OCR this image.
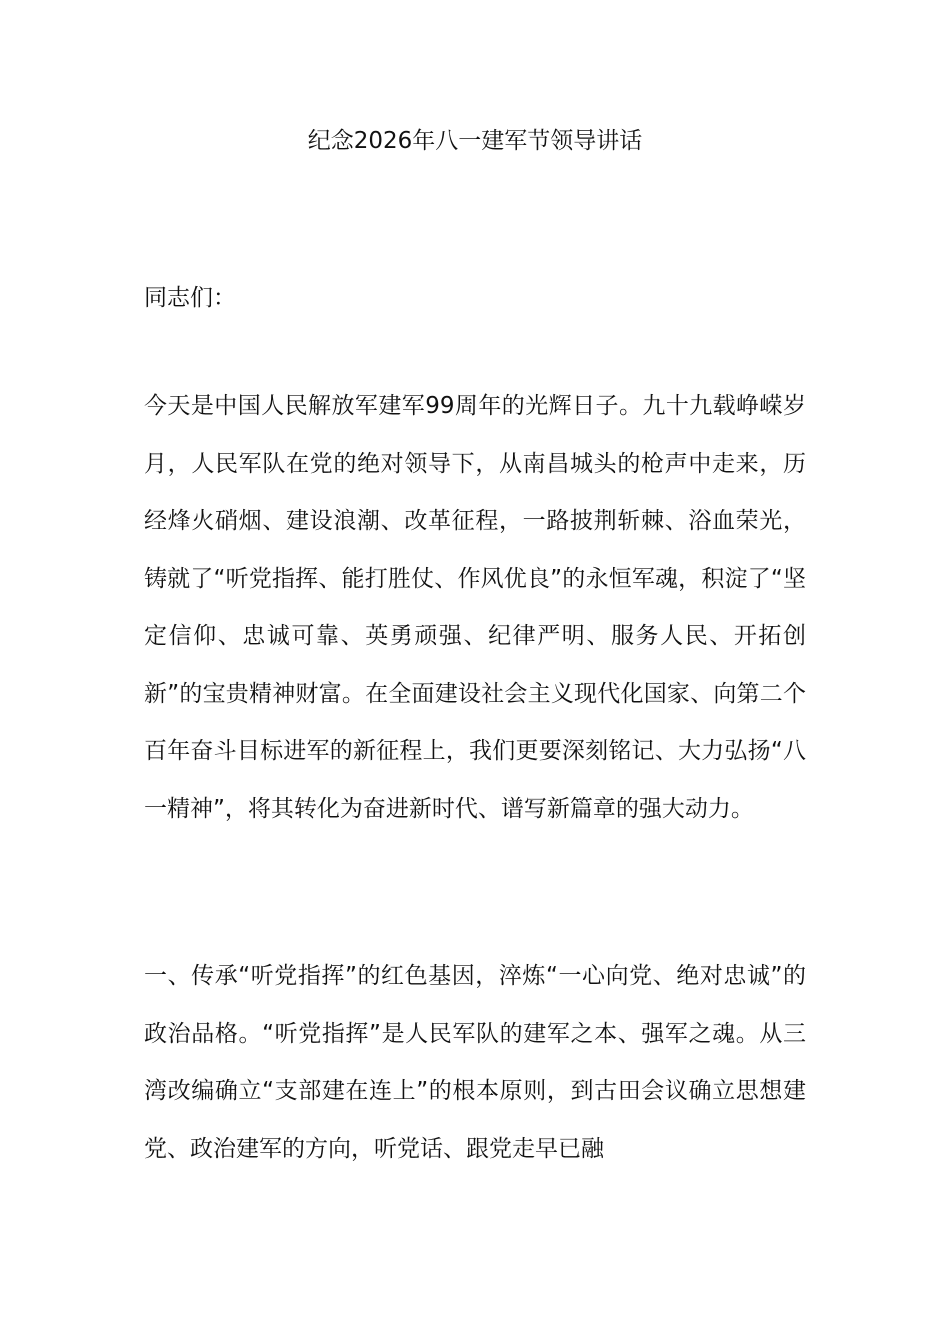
纪念2026年八一建军节领导讲话
同志们：
今天是中国人民解放军建军99周年的光辉日子。九十九载峥嵘岁月，人民军队在党的绝对领导下，从南昌城头的枪声中走来，历经烽火硝烟、建设浪潮、改革征程，一路披荆斩棘、浴血荣光，铸就了“听党指挥、能打胜仗、作风优良”的永恒军魂，积淀了“坚定信仰、忠诚可靠、英勇顽强、纪律严明、服务人民、开拓创新”的宝贵精神财富。在全面建设社会主义现代化国家、向第二个百年奋斗目标进军的新征程上，我们更要深刻铭记、大力弘扬“八一精神”，将其转化为奋进新时代、谱写新篇章的强大动力。
一、传承“听党指挥”的红色基因，淬炼“一心向党、绝对忠诚”的政治品格。“听党指挥”是人民军队的建军之本、强军之魂。从三湾改编确立“支部建在连上”的根本原则，到古田会议确立思想建党、政治建军的方向，听党话、跟党走早已融
